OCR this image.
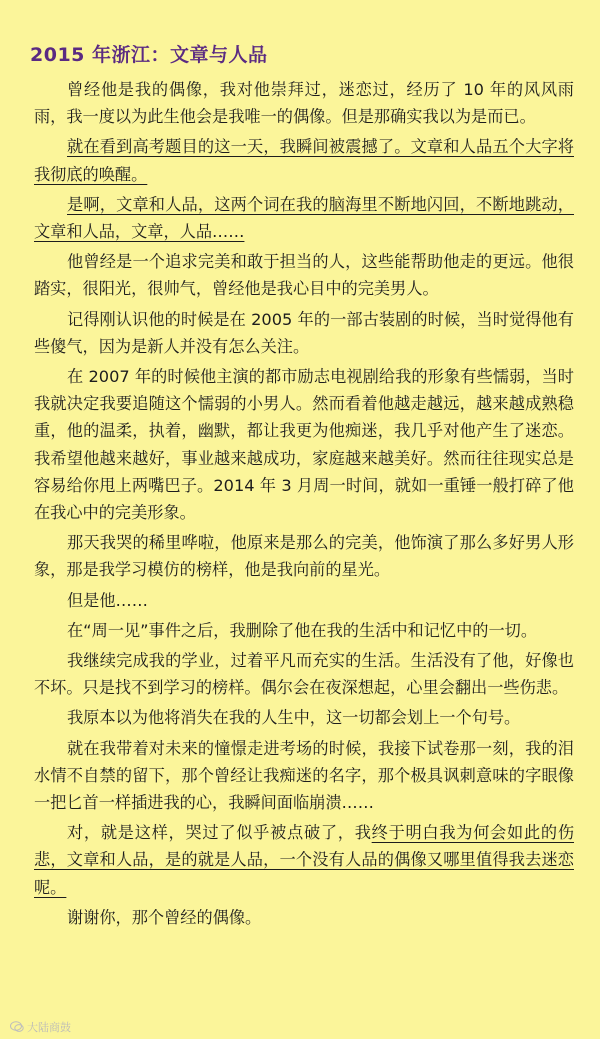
2015 年浙江：文章与人品

曾经他是我的偶像，我对他崇拜过，迷恋过，经历了 10 年的风风雨雨，我一度以为此生他会是我唯一的偶像。但是那确实我以为是而已。

就在看到高考题目的这一天，我瞬间被震撼了。文章和人品五个大字将我彻底的唤醒。

是啊，文章和人品，这两个词在我的脑海里不断地闪回，不断地跳动，文章和人品，文章，人品……

他曾经是一个追求完美和敢于担当的人，这些能帮助他走的更远。他很踏实，很阳光，很帅气，曾经他是我心目中的完美男人。

记得刚认识他的时候是在 2005 年的一部古装剧的时候，当时觉得他有些傻气，因为是新人并没有怎么关注。

在 2007 年的时候他主演的都市励志电视剧给我的形象有些懦弱，当时我就决定我要追随这个懦弱的小男人。然而看着他越走越远，越来越成熟稳重，他的温柔，执着，幽默，都让我更为他痴迷，我几乎对他产生了迷恋。我希望他越来越好，事业越来越成功，家庭越来越美好。然而往往现实总是容易给你甩上两嘴巴子。2014 年 3 月周一时间，就如一重锤一般打碎了他在我心中的完美形象。

那天我哭的稀里哗啦，他原来是那么的完美，他饰演了那么多好男人形象，那是我学习模仿的榜样，他是我向前的星光。

但是他……

在“周一见”事件之后，我删除了他在我的生活中和记忆中的一切。

我继续完成我的学业，过着平凡而充实的生活。生活没有了他，好像也不坏。只是找不到学习的榜样。偶尔会在夜深想起，心里会翻出一些伤悲。

我原本以为他将消失在我的人生中，这一切都会划上一个句号。

就在我带着对未来的憧憬走进考场的时候，我接下试卷那一刻，我的泪水情不自禁的留下，那个曾经让我痴迷的名字，那个极具讽刺意味的字眼像一把匕首一样插进我的心，我瞬间面临崩溃……

对，就是这样，哭过了似乎被点破了，我终于明白我为何会如此的伤悲，文章和人品，是的就是人品，一个没有人品的偶像又哪里值得我去迷恋呢。

谢谢你，那个曾经的偶像。

大陆商鼓
